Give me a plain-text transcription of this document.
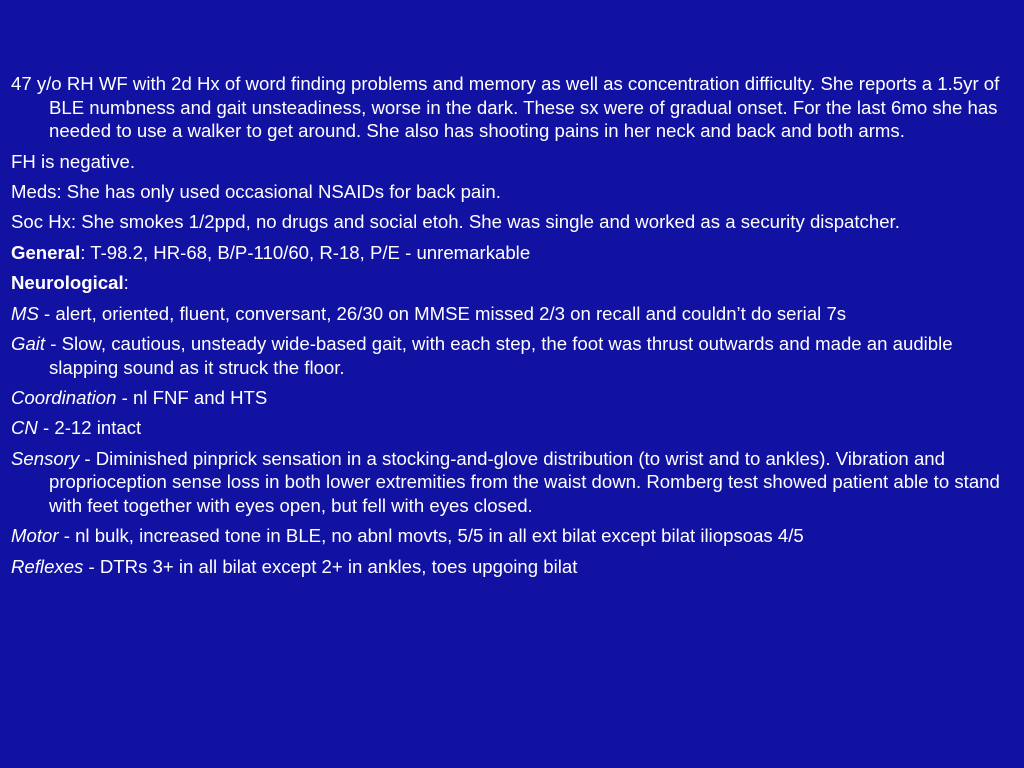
47 y/o RH WF with 2d Hx of word finding problems and memory as well as concentration difficulty. She reports a 1.5yr of BLE numbness and gait unsteadiness, worse in the dark. These sx were of gradual onset. For the last 6mo she has needed to use a walker to get around. She also has shooting pains in her neck and back and both arms.

FH is negative.

Meds: She has only used occasional NSAIDs for back pain.

Soc Hx: She smokes 1/2ppd, no drugs and social etoh. She was single and worked as a security dispatcher.

General: T-98.2, HR-68, B/P-110/60, R-18, P/E - unremarkable

Neurological:

MS - alert, oriented, fluent, conversant, 26/30 on MMSE missed 2/3 on recall and couldn’t do serial 7s

Gait - Slow, cautious, unsteady wide-based gait, with each step, the foot was thrust outwards and made an audible slapping sound as it struck the floor.

Coordination - nl FNF and HTS

CN - 2-12 intact

Sensory - Diminished pinprick sensation in a stocking-and-glove distribution (to wrist and to ankles). Vibration and proprioception sense loss in both lower extremities from the waist down. Romberg test showed patient able to stand with feet together with eyes open, but fell with eyes closed.

Motor - nl bulk, increased tone in BLE, no abnl movts, 5/5 in all ext bilat except bilat iliopsoas 4/5

Reflexes - DTRs 3+ in all bilat except 2+ in ankles, toes upgoing bilat
